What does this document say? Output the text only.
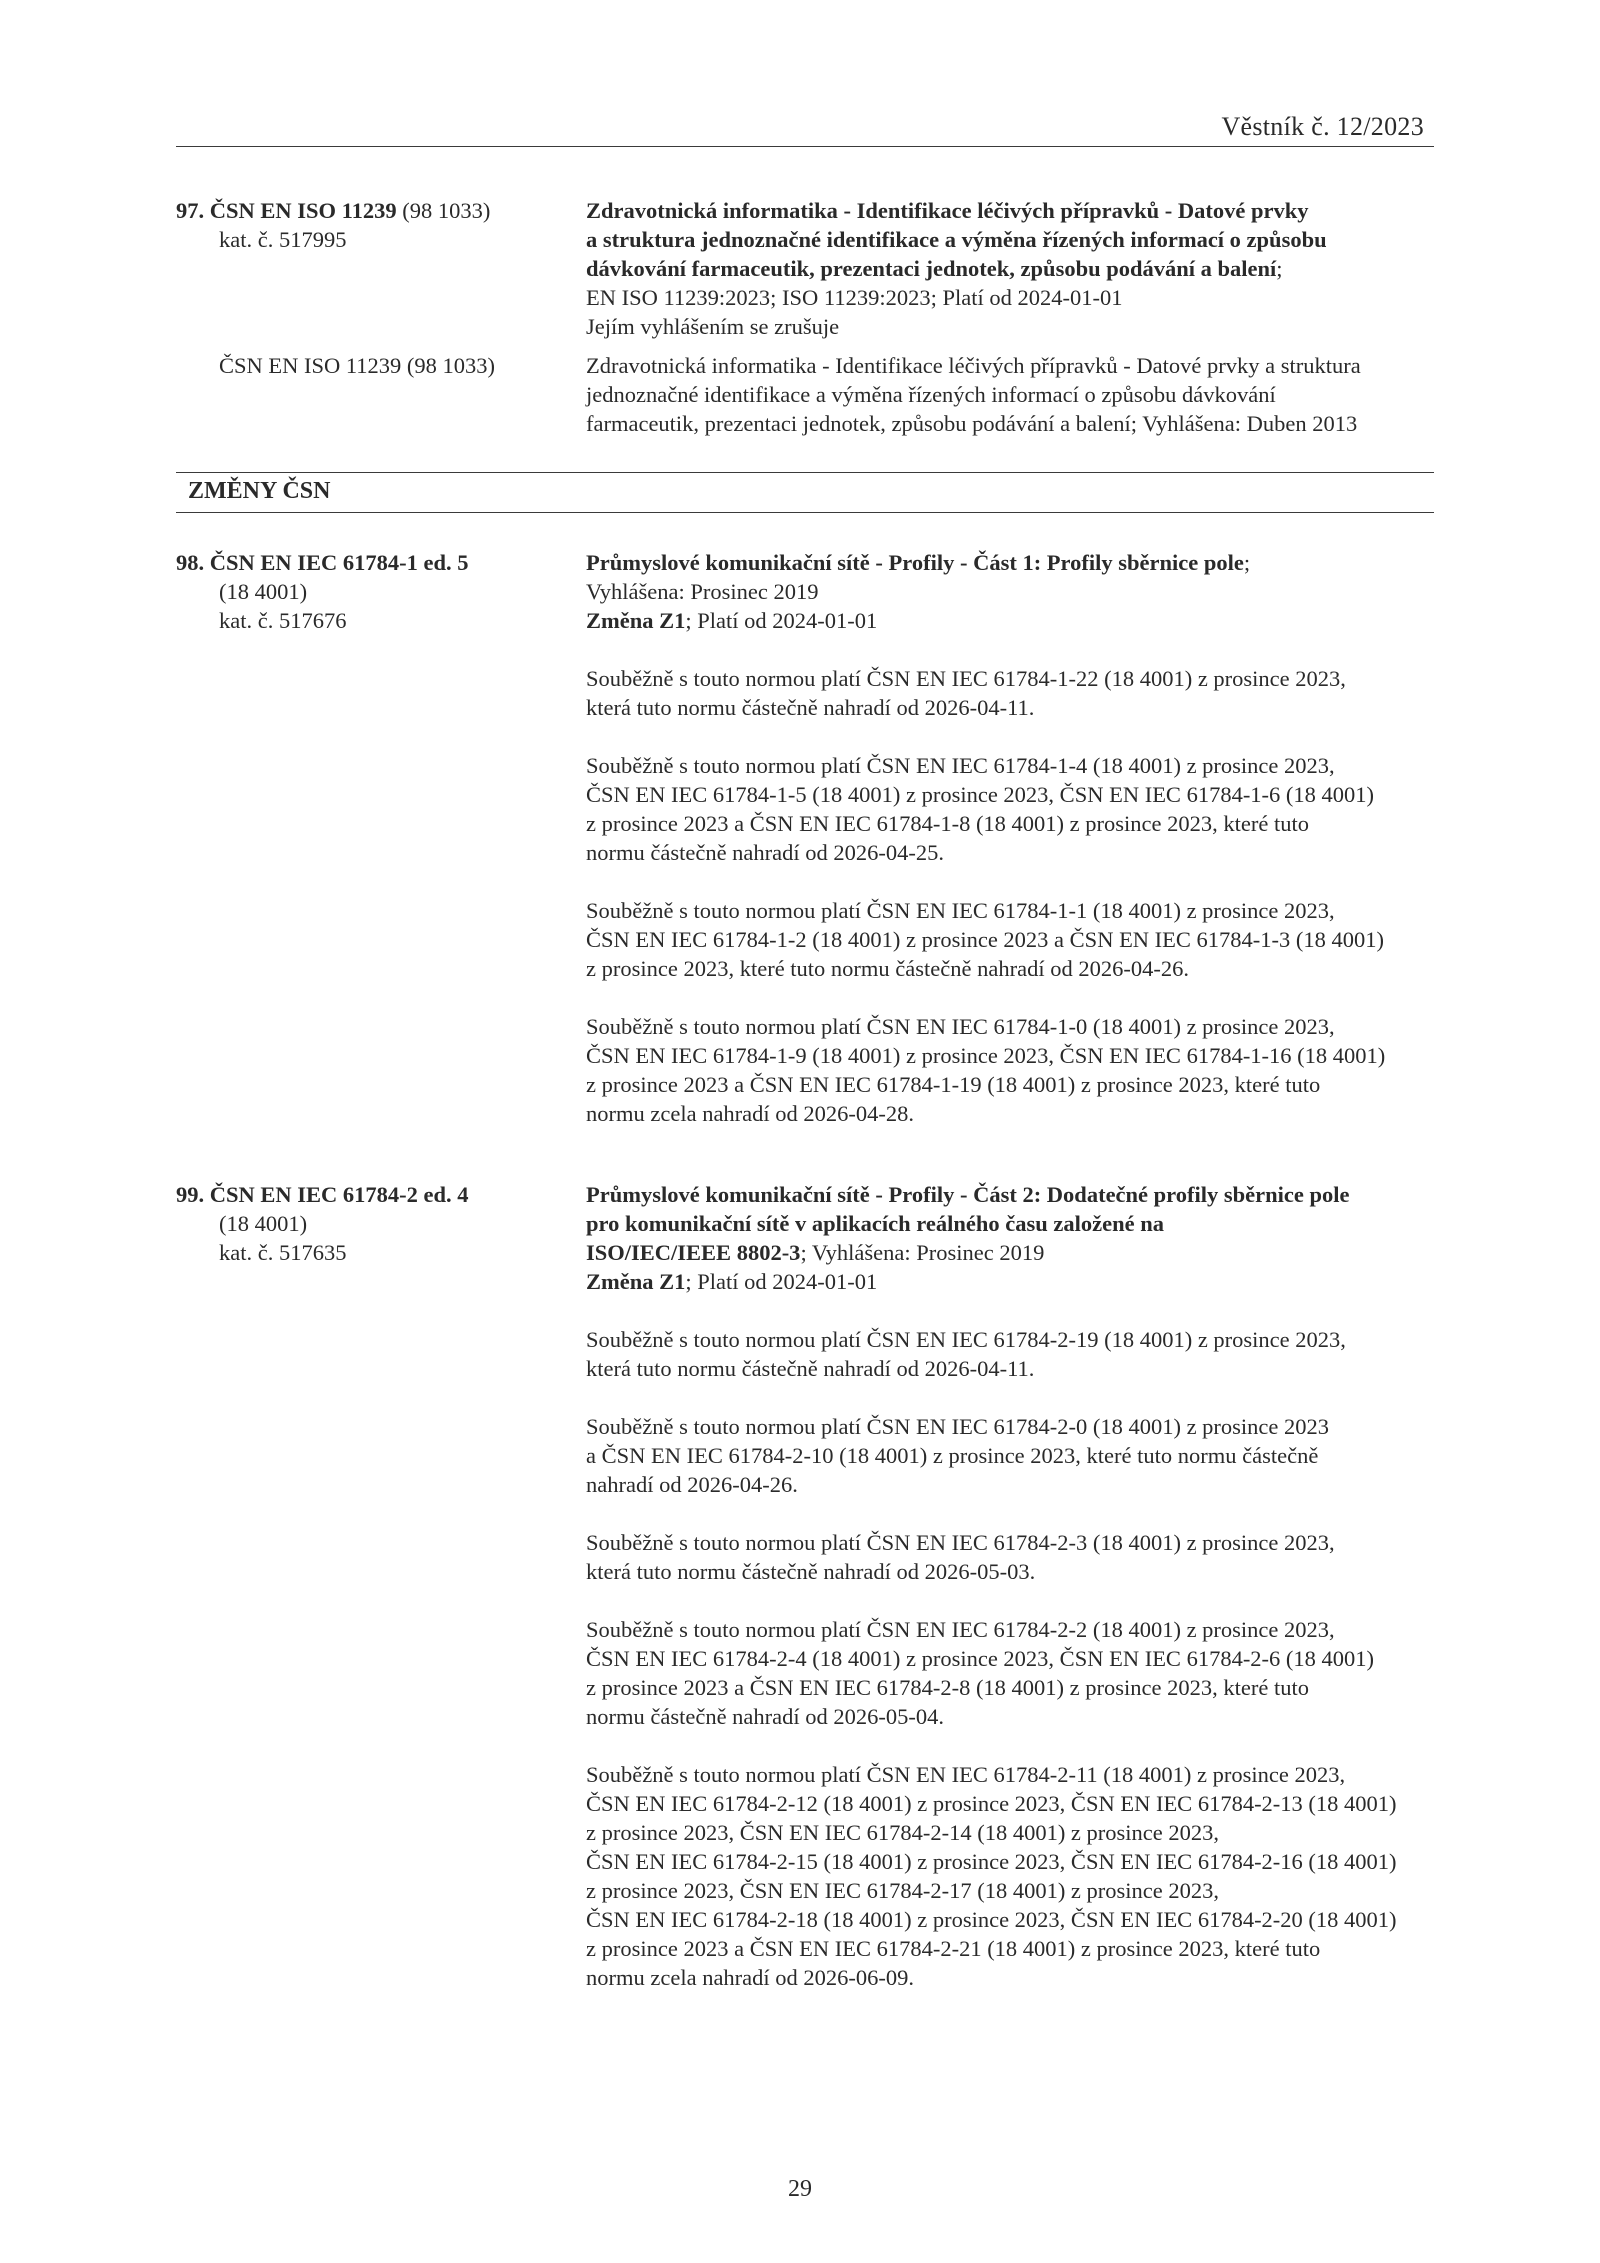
Věstník č. 12/2023
97. ČSN EN ISO 11239 (98 1033)
kat. č. 517995
Zdravotnická informatika - Identifikace léčivých přípravků - Datové prvky
a struktura jednoznačné identifikace a výměna řízených informací o způsobu
dávkování farmaceutik, prezentaci jednotek, způsobu podávání a balení;
EN ISO 11239:2023; ISO 11239:2023; Platí od 2024-01-01
Jejím vyhlášením se zrušuje
ČSN EN ISO 11239 (98 1033)	Zdravotnická informatika - Identifikace léčivých přípravků - Datové prvky a struktura
jednoznačné identifikace a výměna řízených informací o způsobu dávkování
farmaceutik, prezentaci jednotek, způsobu podávání a balení; Vyhlášena: Duben 2013
ZMĚNY ČSN
98. ČSN EN IEC 61784-1 ed. 5
(18 4001)
kat. č. 517676
Průmyslové komunikační sítě - Profily - Část 1: Profily sběrnice pole;
Vyhlášena: Prosinec 2019
Změna Z1; Platí od 2024-01-01
Souběžně s touto normou platí ČSN EN IEC 61784-1-22 (18 4001) z prosince 2023,
která tuto normu částečně nahradí od 2026-04-11.
Souběžně s touto normou platí ČSN EN IEC 61784-1-4 (18 4001) z prosince 2023,
ČSN EN IEC 61784-1-5 (18 4001) z prosince 2023, ČSN EN IEC 61784-1-6 (18 4001)
z prosince 2023 a ČSN EN IEC 61784-1-8 (18 4001) z prosince 2023, které tuto
normu částečně nahradí od 2026-04-25.
Souběžně s touto normou platí ČSN EN IEC 61784-1-1 (18 4001) z prosince 2023,
ČSN EN IEC 61784-1-2 (18 4001) z prosince 2023 a ČSN EN IEC 61784-1-3 (18 4001)
z prosince 2023, které tuto normu částečně nahradí od 2026-04-26.
Souběžně s touto normou platí ČSN EN IEC 61784-1-0 (18 4001) z prosince 2023,
ČSN EN IEC 61784-1-9 (18 4001) z prosince 2023, ČSN EN IEC 61784-1-16 (18 4001)
z prosince 2023 a ČSN EN IEC 61784-1-19 (18 4001) z prosince 2023, které tuto
normu zcela nahradí od 2026-04-28.
99. ČSN EN IEC 61784-2 ed. 4
(18 4001)
kat. č. 517635
Průmyslové komunikační sítě - Profily - Část 2: Dodatečné profily sběrnice pole
pro komunikační sítě v aplikacích reálného času založené na
ISO/IEC/IEEE 8802-3; Vyhlášena: Prosinec 2019
Změna Z1; Platí od 2024-01-01
Souběžně s touto normou platí ČSN EN IEC 61784-2-19 (18 4001) z prosince 2023,
která tuto normu částečně nahradí od 2026-04-11.
Souběžně s touto normou platí ČSN EN IEC 61784-2-0 (18 4001) z prosince 2023
a ČSN EN IEC 61784-2-10 (18 4001) z prosince 2023, které tuto normu částečně
nahradí od 2026-04-26.
Souběžně s touto normou platí ČSN EN IEC 61784-2-3 (18 4001) z prosince 2023,
která tuto normu částečně nahradí od 2026-05-03.
Souběžně s touto normou platí ČSN EN IEC 61784-2-2 (18 4001) z prosince 2023,
ČSN EN IEC 61784-2-4 (18 4001) z prosince 2023, ČSN EN IEC 61784-2-6 (18 4001)
z prosince 2023 a ČSN EN IEC 61784-2-8 (18 4001) z prosince 2023, které tuto
normu částečně nahradí od 2026-05-04.
Souběžně s touto normou platí ČSN EN IEC 61784-2-11 (18 4001) z prosince 2023,
ČSN EN IEC 61784-2-12 (18 4001) z prosince 2023, ČSN EN IEC 61784-2-13 (18 4001)
z prosince 2023, ČSN EN IEC 61784-2-14 (18 4001) z prosince 2023,
ČSN EN IEC 61784-2-15 (18 4001) z prosince 2023, ČSN EN IEC 61784-2-16 (18 4001)
z prosince 2023, ČSN EN IEC 61784-2-17 (18 4001) z prosince 2023,
ČSN EN IEC 61784-2-18 (18 4001) z prosince 2023, ČSN EN IEC 61784-2-20 (18 4001)
z prosince 2023 a ČSN EN IEC 61784-2-21 (18 4001) z prosince 2023, které tuto
normu zcela nahradí od 2026-06-09.
29
